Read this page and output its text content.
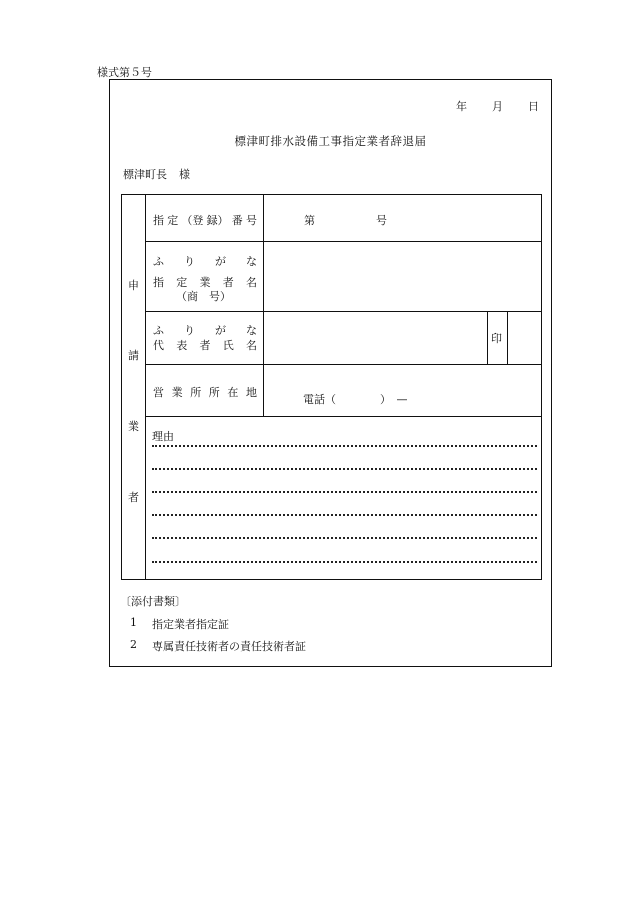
様式第５号
年 月 日
標津町排水設備工事指定業者辞退届
標津町長 様
申
請
業
者
指 定 （登 録） 番 号	第	号
ふ り が な
指 定 業 者 名
（商　号）
ふ り が な
代 表 者 氏 名
印
営 業 所 所 在 地
電話（　　　　）　—
理由
〔添付書類〕
1 指定業者指定証
2 専属責任技術者の責任技術者証
